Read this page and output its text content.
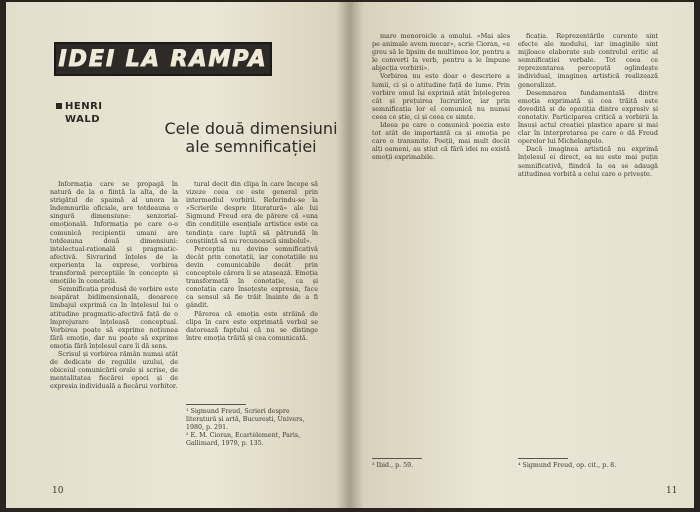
IDEI LA RAMPA
HENRI
WALD	Cele două dimensiuni
ale semnificației

Informația care se propagă în natură de la o ființă la alta, de la strigătul de spaimă al unora la îndemnurile oficiale, are totdeauna o singură dimensiune: senzorial-emoțională. Informația pe care o-o comunică recipienții umani are totdeauna două dimensiuni: intelectual-rațională și pragmatic-afectivă. Sivrarind înțeles de la experiența la exprese, vorbirea transformă perceptiile în concepte și emoțiile în conotații.

Semnificația produsă de vorbire este neapărat bidimensională, deoarece limbajul exprimă ca în înțelesul lui o atitudine pragmatic-afectivă față de o împrejurare înțeleasă conceptual. Vorbirea poate să exprime noțiunea fără emoție, dar nu poate să exprime emoția fără înțelesul care îi dă sens.

Scrisul și vorbirea rămân numai atât de dedicate de regulile uzului, de obiceiul comunicării orale și scrise, de mentalitatea fiecărei epoci și de expresia individuală a fiecărui vorbitor.

tural decit din clipa în care începe să vizeze ceea ce este general prin intermediul vorbirii. Referindu-se la «Scrierile despre literatură» ale lui Sigmund Freud era de părere că «una din condițiile esențiale artistice este ca tendința care luptă să pătrundă în conștiință să nu recunoască simbolul».

Percepția nu devine semnificativă decât prin conotații, iar conotațiile nu devin comunicabile decât prin conceptele cărora li se atașează. Emoția transformată în conotație, ca și conotația care însoțește expresia, face ca sensul să fie trăit înainte de a fi gândit.

Părerea că emoția este străină de clipa în care este exprimată verbal se datorează faptului că nu se distinge între emoția trăită și cea comunicată.

¹ Sigmund Freud, Scrieri despre literatură și artă, București, Univers, 1980, p. 291.
² E. M. Cioran, Ecartèlement, Paris, Gallimard, 1979, p. 135.
10

mare menoroicle a omului. «Mai ales pe animale avem mecar», scrie Cioran, «e greu să le lipsim de multimea lor, pentru a le converti la verb, pentru a le împune abjecția vorbirii».

Vorbirea nu este doar o descriere a lumii, ci și o atitudine față de lume. Prin vorbire omul își exprimă atât înțelegerea cât și prețuirea lucrurilor, iar prin semnificația lor el comunică nu numai ceea ce știe, ci și ceea ce simte.

Ideea pe care o comunică poezia este tot atât de importantă ca și emoția pe care o transmite. Poeții, mai mult decât alți oameni, au știut că fără idei nu există emoții exprimabile.

ficația. Reprezentările curente sint efecte ale modului, iar imaginile sint mijloace elaborate sub controlul eritic al semnificației verbale. Tot ceea ce reprezentarea percepută oglindește individual, imaginea artistică realizează generalizat.

Desemnarea fundamentală dintre emoția exprimată și cea trăită este dovedită și de opoziția dintre expresiv și conotativ. Participarea critică a vorbirii la însuși actul creației plastice apare și mai clar în interpretarea pe care o dă Freud operelor lui Michelangelo.

Dacă imaginea artistică nu exprimă înțelesul ei direct, ea nu este mai puțin semnificativă, fiindcă la ea se adaugă atitudinea vorbită a celui care o privește.

³ Ibid., p. 59.	⁴ Sigmund Freud, op. cit., p. 8.
11
